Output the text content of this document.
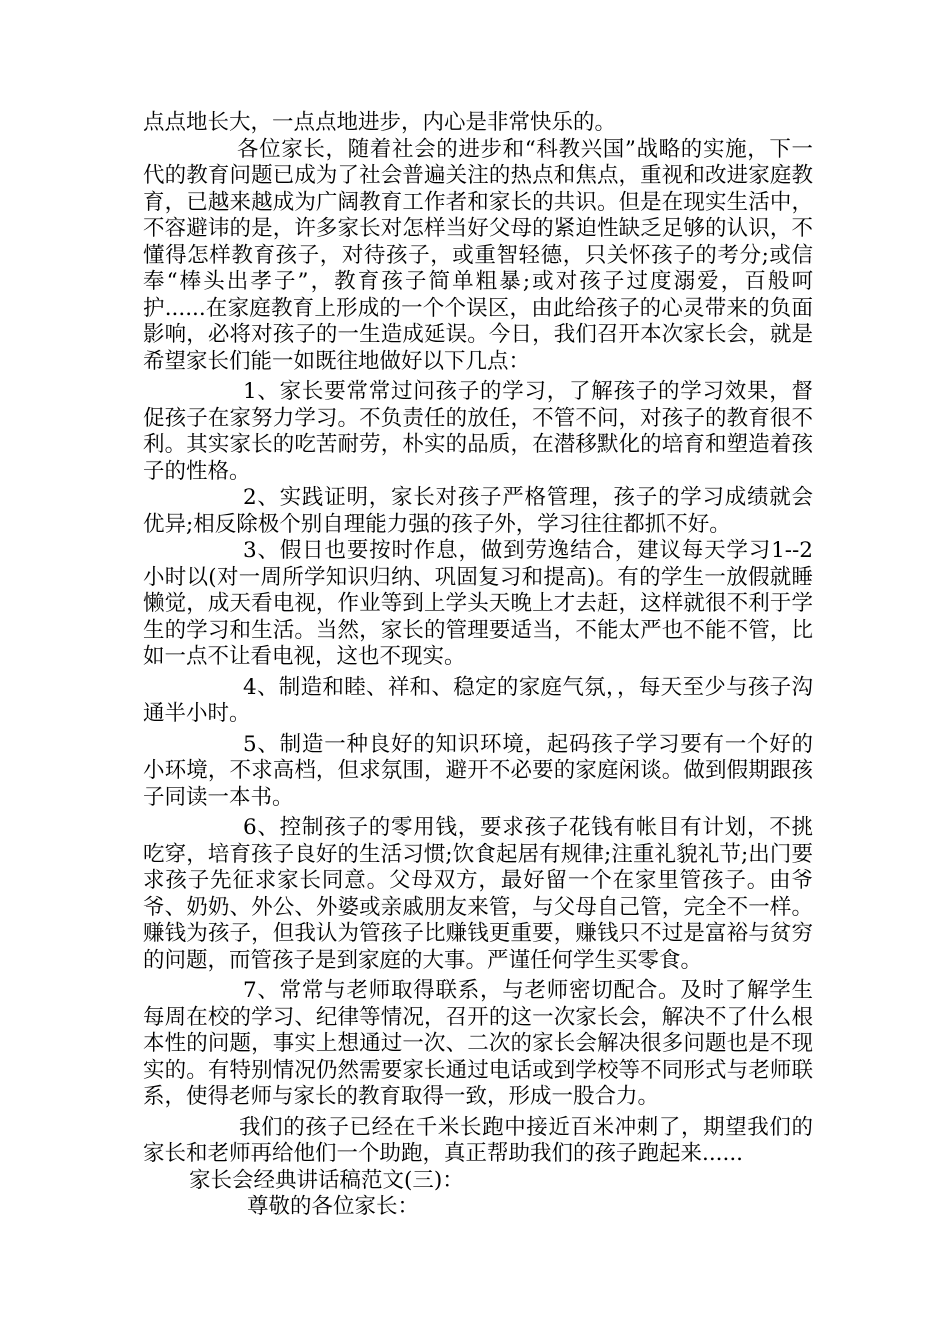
点点地长大，一点点地进步，内心是非常快乐的。

各位家长，随着社会的进步和“科教兴国”战略的实施，下一代的教育问题已成为了社会普遍关注的热点和焦点，重视和改进家庭教育，已越来越成为广阔教育工作者和家长的共识。但是在现实生活中，不容避讳的是，许多家长对怎样当好父母的紧迫性缺乏足够的认识，不懂得怎样教育孩子，对待孩子，或重智轻德，只关怀孩子的考分;或信奉“棒头出孝子”，教育孩子简单粗暴;或对孩子过度溺爱，百般呵护......在家庭教育上形成的一个个误区，由此给孩子的心灵带来的负面影响，必将对孩子的一生造成延误。今日，我们召开本次家长会，就是希望家长们能一如既往地做好以下几点：

1、家长要常常过问孩子的学习，了解孩子的学习效果，督促孩子在家努力学习。不负责任的放任，不管不问，对孩子的教育很不利。其实家长的吃苦耐劳，朴实的品质，在潜移默化的培育和塑造着孩子的性格。

2、实践证明，家长对孩子严格管理，孩子的学习成绩就会优异;相反除极个别自理能力强的孩子外，学习往往都抓不好。

3、假日也要按时作息，做到劳逸结合，建议每天学习1--2小时以(对一周所学知识归纳、巩固复习和提高)。有的学生一放假就睡懒觉，成天看电视，作业等到上学头天晚上才去赶，这样就很不利于学生的学习和生活。当然，家长的管理要适当，不能太严也不能不管，比如一点不让看电视，这也不现实。

4、制造和睦、祥和、稳定的家庭气氛，，每天至少与孩子沟通半小时。

5、制造一种良好的知识环境，起码孩子学习要有一个好的小环境，不求高档，但求氛围，避开不必要的家庭闲谈。做到假期跟孩子同读一本书。

6、控制孩子的零用钱，要求孩子花钱有帐目有计划，不挑吃穿，培育孩子良好的生活习惯;饮食起居有规律;注重礼貌礼节;出门要求孩子先征求家长同意。父母双方，最好留一个在家里管孩子。由爷爷、奶奶、外公、外婆或亲戚朋友来管，与父母自己管，完全不一样。赚钱为孩子，但我认为管孩子比赚钱更重要，赚钱只不过是富裕与贫穷的问题，而管孩子是到家庭的大事。严谨任何学生买零食。

7、常常与老师取得联系，与老师密切配合。及时了解学生每周在校的学习、纪律等情况，召开的这一次家长会，解决不了什么根本性的问题，事实上想通过一次、二次的家长会解决很多问题也是不现实的。有特别情况仍然需要家长通过电话或到学校等不同形式与老师联系，使得老师与家长的教育取得一致，形成一股合力。

我们的孩子已经在千米长跑中接近百米冲刺了，期望我们的家长和老师再给他们一个助跑，真正帮助我们的孩子跑起来......

家长会经典讲话稿范文(三)：

尊敬的各位家长：
